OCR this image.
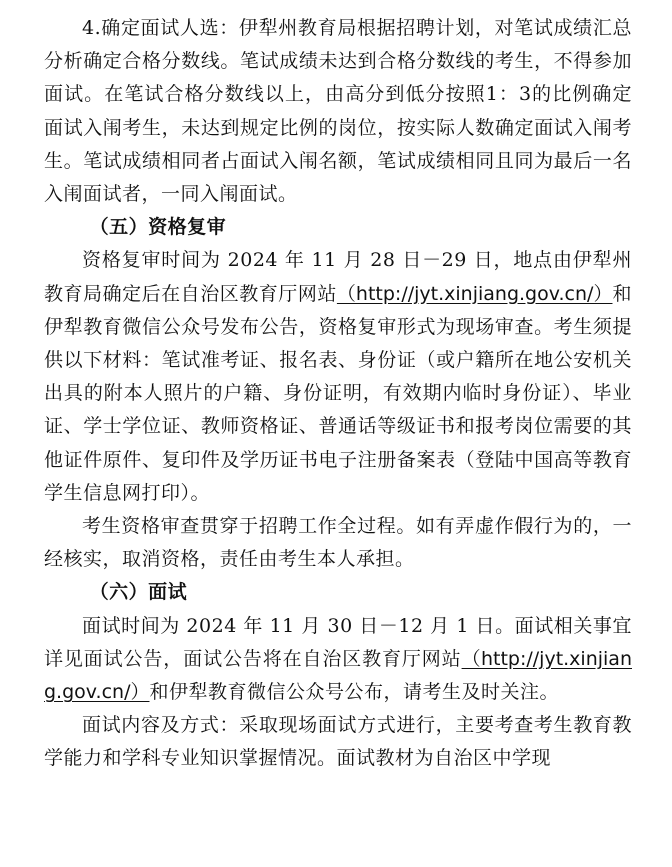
4.确定面试人选：伊犁州教育局根据招聘计划，对笔试成绩汇总分析确定合格分数线。笔试成绩未达到合格分数线的考生，不得参加面试。在笔试合格分数线以上，由高分到低分按照1：3的比例确定面试入闱考生，未达到规定比例的岗位，按实际人数确定面试入闱考生。笔试成绩相同者占面试入闱名额，笔试成绩相同且同为最后一名入闱面试者，一同入闱面试。

（五）资格复审

资格复审时间为 2024 年 11 月 28 日－29 日，地点由伊犁州教育局确定后在自治区教育厅网站（http://jyt.xinjiang.gov.cn/）和伊犁教育微信公众号发布公告，资格复审形式为现场审查。考生须提供以下材料：笔试准考证、报名表、身份证（或户籍所在地公安机关出具的附本人照片的户籍、身份证明，有效期内临时身份证）、毕业证、学士学位证、教师资格证、普通话等级证书和报考岗位需要的其他证件原件、复印件及学历证书电子注册备案表（登陆中国高等教育学生信息网打印）。

考生资格审查贯穿于招聘工作全过程。如有弄虚作假行为的，一经核实，取消资格，责任由考生本人承担。

（六）面试

面试时间为 2024 年 11 月 30 日－12 月 1 日。面试相关事宜详见面试公告，面试公告将在自治区教育厅网站（http://jyt.xinjiang.gov.cn/）和伊犁教育微信公众号公布，请考生及时关注。

面试内容及方式：采取现场面试方式进行，主要考查考生教育教学能力和学科专业知识掌握情况。面试教材为自治区中学现
